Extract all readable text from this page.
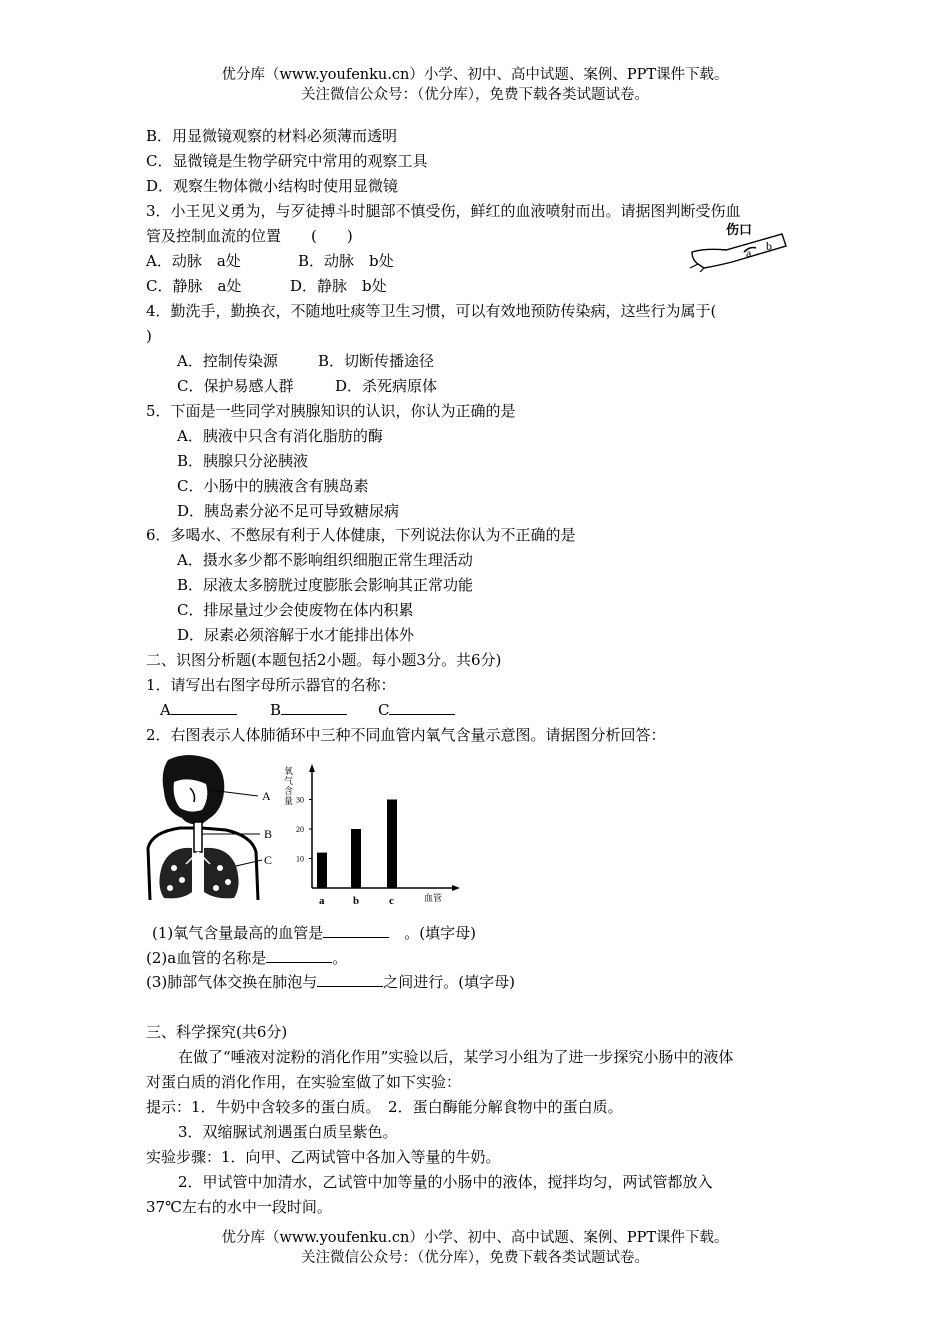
优分库（www.youfenku.cn）小学、初中、高中试题、案例、PPT课件下载。
关注微信公众号：（优分库），免费下载各类试题试卷。
B．用显微镜观察的材料必须薄而透明
C．显微镜是生物学研究中常用的观察工具
D．观察生物体微小结构时使用显微镜
3．小王见义勇为，与歹徒搏斗时腿部不慎受伤，鲜红的血液喷射而出。请据图判断受伤血
管及控制血流的位置　　(　　)
A．动脉　a处	B．动脉　b处
C．静脉　a处	D．静脉　b处
伤口
a b
4．勤洗手，勤换衣，不随地吐痰等卫生习惯，可以有效地预防传染病，这些行为属于(
)
A．控制传染源	B．切断传播途径
C．保护易感人群	D．杀死病原体
5．下面是一些同学对胰腺知识的认识，你认为正确的是
A．胰液中只含有消化脂肪的酶
B．胰腺只分泌胰液
C．小肠中的胰液含有胰岛素
D．胰岛素分泌不足可导致糖尿病
6．多喝水、不憋尿有利于人体健康，下列说法你认为不正确的是
A．摄水多少都不影响组织细胞正常生理活动
B．尿液太多膀胱过度膨胀会影响其正常功能
C．排尿量过少会使废物在体内积累
D．尿素必须溶解于水才能排出体外
二、识图分析题(本题包括2小题。每小题3分。共6分)
1．请写出右图字母所示器官的名称：
A	B	C
2．右图表示人体肺循环中三种不同血管内氧气含量示意图。请据图分析回答：
A
B
C
氧
气
含
量
血管
a	b	c
10
20
30
(1)氧气含量最高的血管是	　。(填字母)
(2)a血管的名称是	。
(3)肺部气体交换在肺泡与	之间进行。(填字母)
三、科学探究(共6分)
在做了“唾液对淀粉的消化作用”实验以后，某学习小组为了进一步探究小肠中的液体
对蛋白质的消化作用，在实验室做了如下实验：
提示：1．牛奶中含较多的蛋白质。　2．蛋白酶能分解食物中的蛋白质。
3．双缩脲试剂遇蛋白质呈紫色。
实验步骤：1．向甲、乙两试管中各加入等量的牛奶。
2．甲试管中加清水，乙试管中加等量的小肠中的液体，搅拌均匀，两试管都放入
37℃左右的水中一段时间。
优分库（www.youfenku.cn）小学、初中、高中试题、案例、PPT课件下载。
关注微信公众号：（优分库），免费下载各类试题试卷。
